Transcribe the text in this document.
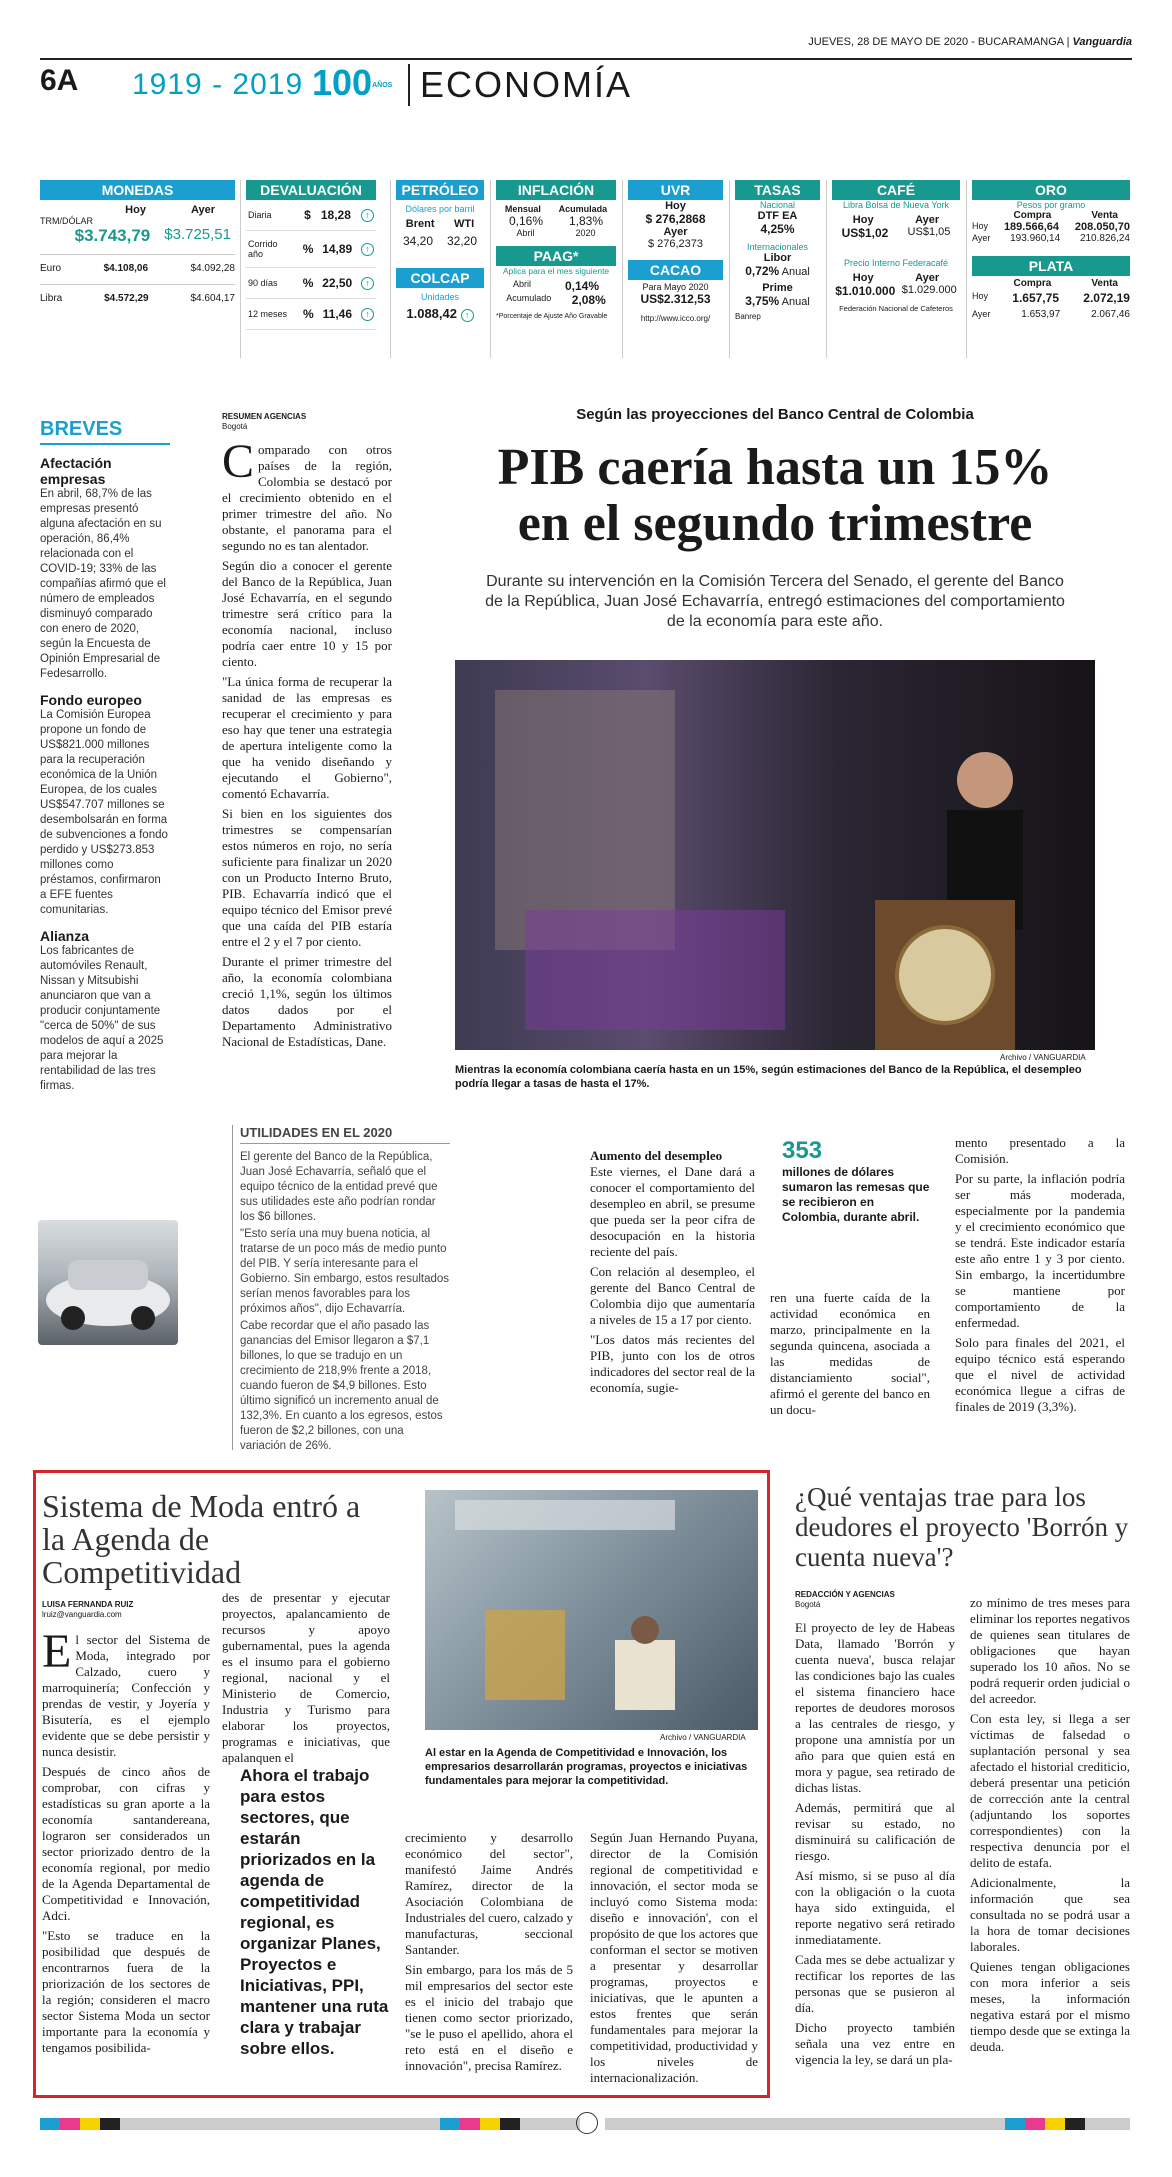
JUEVES, 28 DE MAYO DE 2020 - BUCARAMANGA | Vanguardia
6A 1919 - 2019 100AÑOS ECONOMÍA
MONEDAS
Hoy	Ayer
TRM/DÓLAR
$3.743,79 $3.725,51
Euro	$4.108,06	$4.092,28
Libra	$4.572,29	$4.604,17
DEVALUACIÓN
Diaria	$ 18,28	↑
Corrido año	% 14,89	↑
90 días	% 22,50	↑
12 meses	% 11,46	↑
PETRÓLEO
Dólares por barril
Brent WTI
34,20 32,20
COLCAP
Unidades
1.088,42 ↑
INFLACIÓN
Mensual Acumulada
0,16% 1,83%
Abril	2020
PAAG*
Aplica para el mes siguiente
Abril	0,14%
Acumulado 2,08%
*Porcentaje de Ajuste Año Gravable
UVR
Hoy
$ 276,2868
Ayer
$ 276,2373
CACAO
Para Mayo 2020
US$2.312,53
http://www.icco.org/
TASAS
Nacional
DTF EA
4,25%
Internacionales
Libor
0,72% Anual
Prime
3,75% Anual
Banrep
CAFÉ
Libra Bolsa de Nueva York
Hoy	Ayer
US$1,02 US$1,05
Precio Interno Federacafé
Hoy	Ayer
$1.010.000 $1.029.000
Federación Nacional de Cafeteros
ORO
Pesos por gramo
Compra	Venta
Hoy 189.566,64 208.050,70
Ayer 193.960,14 210.826,24
PLATA
Compra	Venta
Hoy 1.657,75 2.072,19
Ayer	1.653,97	2.067,46
BREVES
Afectación empresas

En abril, 68,7% de las empresas presentó alguna afectación en su operación, 86,4% relacionada con el COVID-19; 33% de las compañías afirmó que el número de empleados disminuyó comparado con enero de 2020, según la Encuesta de Opinión Empresarial de Fedesarrollo.

Fondo europeo

La Comisión Europea propone un fondo de US$821.000 millones para la recuperación económica de la Unión Europea, de los cuales US$547.707 millones se desembolsarán en forma de subvenciones a fondo perdido y US$273.853 millones como préstamos, confirmaron a EFE fuentes comunitarias.

Alianza

Los fabricantes de automóviles Renault, Nissan y Mitsubishi anunciaron que van a producir conjuntamente "cerca de 50%" de sus modelos de aquí a 2025 para mejorar la rentabilidad de las tres firmas.

RESUMEN AGENCIAS
Bogotá

Comparado con otros países de la región, Colombia se destacó por el crecimiento obtenido en el primer trimestre del año. No obstante, el panorama para el segundo no es tan alentador.

Según dio a conocer el gerente del Banco de la República, Juan José Echavarría, en el segundo trimestre será crítico para la economía nacional, incluso podría caer entre 10 y 15 por ciento.

"La única forma de recuperar la sanidad de las empresas es recuperar el crecimiento y para eso hay que tener una estrategia de apertura inteligente como la que ha venido diseñando y ejecutando el Gobierno", comentó Echavarría.

Si bien en los siguientes dos trimestres se compensarían estos números en rojo, no sería suficiente para finalizar un 2020 con un Producto Interno Bruto, PIB. Echavarría indicó que el equipo técnico del Emisor prevé que una caída del PIB estaría entre el 2 y el 7 por ciento.

Durante el primer trimestre del año, la economía colombiana creció 1,1%, según los últimos datos dados por el Departamento Administrativo Nacional de Estadísticas, Dane.

Según las proyecciones del Banco Central de Colombia
PIB caería hasta un 15%
en el segundo trimestre
Durante su intervención en la Comisión Tercera del Senado, el gerente del Banco de la República, Juan José Echavarría, entregó estimaciones del comportamiento de la economía para este año.
Archivo / VANGUARDIA
Mientras la economía colombiana caería hasta en un 15%, según estimaciones del Banco de la República, el desempleo podría llegar a tasas de hasta el 17%.
UTILIDADES EN EL 2020

El gerente del Banco de la República, Juan José Echavarría, señaló que el equipo técnico de la entidad prevé que sus utilidades este año podrían rondar los $6 billones.

"Esto sería una muy buena noticia, al tratarse de un poco más de medio punto del PIB. Y sería interesante para el Gobierno. Sin embargo, estos resultados serían menos favorables para los próximos años", dijo Echavarría.

Cabe recordar que el año pasado las ganancias del Emisor llegaron a $7,1 billones, lo que se tradujo en un crecimiento de 218,9% frente a 2018, cuando fueron de $4,9 billones. Esto último significó un incremento anual de 132,3%. En cuanto a los egresos, estos fueron de $2,2 billones, con una variación de 26%.

Aumento del desempleo

Este viernes, el Dane dará a conocer el comportamiento del desempleo en abril, se presume que pueda ser la peor cifra de desocupación en la historia reciente del país.

Con relación al desempleo, el gerente del Banco Central de Colombia dijo que aumentaría a niveles de 15 a 17 por ciento.

"Los datos más recientes del PIB, junto con los de otros indicadores del sector real de la economía, sugie-

353
millones de dólares sumaron las remesas que se recibieron en Colombia, durante abril.

ren una fuerte caída de la actividad económica en marzo, principalmente en la segunda quincena, asociada a las medidas de distanciamiento social", afirmó el gerente del banco en un docu-

mento presentado a la Comisión.

Por su parte, la inflación podría ser más moderada, especialmente por la pandemia y el crecimiento económico que se tendrá. Este indicador estaría este año entre 1 y 3 por ciento. Sin embargo, la incertidumbre se mantiene por comportamiento de la enfermedad.

Solo para finales del 2021, el equipo técnico está esperando que el nivel de actividad económica llegue a cifras de finales de 2019 (3,3%).

Sistema de Moda entró a la Agenda de Competitividad
LUISA FERNANDA RUIZ
lruiz@vanguardia.com

El sector del Sistema de Moda, integrado por Calzado, cuero y marroquinería; Confección y prendas de vestir, y Joyería y Bisutería, es el ejemplo evidente que se debe persistir y nunca desistir.

Después de cinco años de comprobar, con cifras y estadísticas su gran aporte a la economía santandereana, lograron ser considerados un sector priorizado dentro de la economía regional, por medio de la Agenda Departamental de Competitividad e Innovación, Adci.

"Esto se traduce en la posibilidad que después de encontrarnos fuera de la priorización de los sectores de la región; consideren el macro sector Sistema Moda un sector importante para la economía y tengamos posibilida-

des de presentar y ejecutar proyectos, apalancamiento de recursos y apoyo gubernamental, pues la agenda es el insumo para el gobierno regional, nacional y el Ministerio de Comercio, Industria y Turismo para elaborar los proyectos, programas e iniciativas, que apalanquen el

Ahora el trabajo para estos sectores, que estarán priorizados en la agenda de competitividad regional, es organizar Planes, Proyectos e Iniciativas, PPI, mantener una ruta clara y trabajar sobre ellos.
Archivo / VANGUARDIA
Al estar en la Agenda de Competitividad e Innovación, los empresarios desarrollarán programas, proyectos e iniciativas fundamentales para mejorar la competitividad.

crecimiento y desarrollo económico del sector", manifestó Jaime Andrés Ramírez, director de la Asociación Colombiana de Industriales del cuero, calzado y manufacturas, seccional Santander.

Sin embargo, para los más de 5 mil empresarios del sector este es el inicio del trabajo que tienen como sector priorizado, "se le puso el apellido, ahora el reto está en el diseño e innovación", precisa Ramírez.

Según Juan Hernando Puyana, director de la Comisión regional de competitividad e innovación, el sector moda se incluyó como Sistema moda: diseño e innovación', con el propósito de que los actores que conforman el sector se motiven a presentar y desarrollar programas, proyectos e iniciativas, que le apunten a estos frentes que serán fundamentales para mejorar la competitividad, productividad y los niveles de internacionalización.

¿Qué ventajas trae para los deudores el proyecto 'Borrón y cuenta nueva'?
REDACCIÓN Y AGENCIAS
Bogotá

El proyecto de ley de Habeas Data, llamado 'Borrón y cuenta nueva', busca relajar las condiciones bajo las cuales el sistema financiero hace reportes de deudores morosos a las centrales de riesgo, y propone una amnistía por un año para que quien está en mora y pague, sea retirado de dichas listas.

Además, permitirá que al revisar su estado, no disminuirá su calificación de riesgo.

Así mismo, si se puso al día con la obligación o la cuota haya sido extinguida, el reporte negativo será retirado inmediatamente.

Cada mes se debe actualizar y rectificar los reportes de las personas que se pusieron al día.

Dicho proyecto también señala una vez entre en vigencia la ley, se dará un pla-

zo mínimo de tres meses para eliminar los reportes negativos de quienes sean titulares de obligaciones que hayan superado los 10 años. No se podrá requerir orden judicial o del acreedor.

Con esta ley, si llega a ser víctimas de falsedad o suplantación personal y sea afectado el historial crediticio, deberá presentar una petición de corrección ante la central (adjuntando los soportes correspondientes) con la respectiva denuncia por el delito de estafa.

Adicionalmente, la información que sea consultada no se podrá usar a la hora de tomar decisiones laborales.

Quienes tengan obligaciones con mora inferior a seis meses, la información negativa estará por el mismo tiempo desde que se extinga la deuda.
